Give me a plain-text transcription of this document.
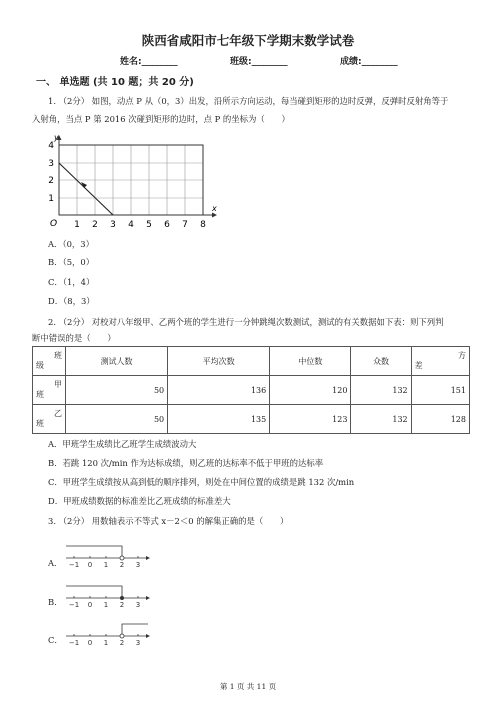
陕西省咸阳市七年级下学期末数学试卷
姓名:________	班级:________	成绩:________
一、 单选题 (共 10 题；共 20 分)
1. （2分） 如图，动点 P 从（0，3）出发，沿所示方向运动，每当碰到矩形的边时反弹，反弹时反射角等于
入射角，当点 P 第 2016 次碰到矩形的边时，点 P 的坐标为（　　）
y
x
O
4
3
2
1
1 2 3 4 5 6 7 8
A．（0，3）
B．（5，0）
C．（1，4）
D．（8，3）
2. （2分） 对校对八年级甲、乙两个班的学生进行一分钟跳绳次数测试，测试的有关数据如下表：则下列判
断中错误的是（　　）
班
级	测试人数	平均次数	中位数	众数	方
差

甲
班	50	136	120	132	151

乙
班	50	135	123	132	128
A．甲班学生成绩比乙班学生成绩波动大
B．若跳 120 次/min 作为达标成绩，则乙班的达标率不低于甲班的达标率
C．甲班学生成绩按从高到低的顺序排列，则处在中间位置的成绩是跳 132 次/min
D．甲班成绩数据的标准差比乙班成绩的标准差大
3. （2分） 用数轴表示不等式 x－2＜0 的解集正确的是（　　）
A． −1 0 1 2 3
B． −1 0 1 2 3
C． −1 0 1 2 3
第 1 页 共 11 页
